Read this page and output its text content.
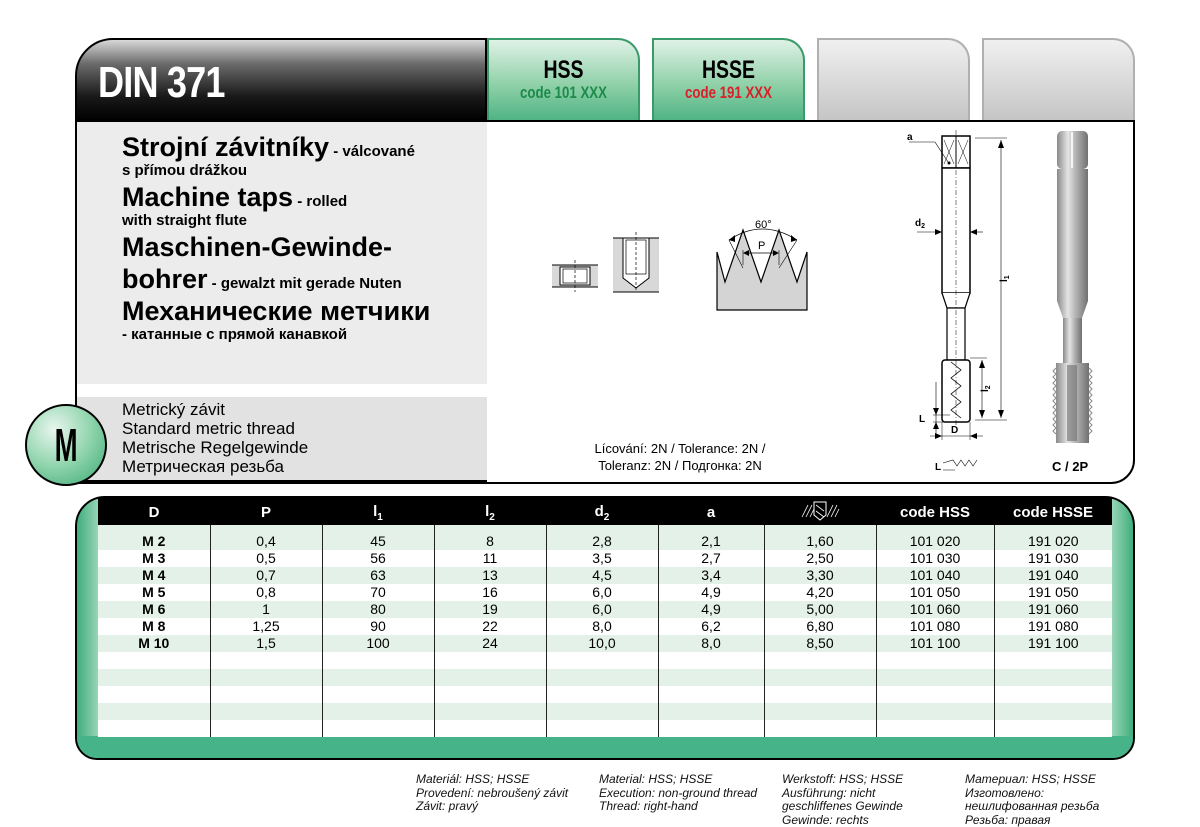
DIN 371	HSS
code 101 XXX
HSSE
code 191 XXX
Strojní závitníky - válcované
s přímou drážkou
Machine taps - rolled
with straight flute
Maschinen-Gewinde-
bohrer - gewalzt mit gerade Nuten
Механические метчики
- катанные с прямой канавкой
Metrický závit
Standard metric thread
Metrische Regelgewinde
Метрическая резьба
M
60°
P
a
$d_2$
$l_1$
$l_2$
L
D
L	C / 2P
Lícování: 2N / Tolerance: 2N /
Toleranz: 2N / Подгонка: 2N
D	P	$l_1$	$l_2$	$d_2$	a		code HSS	code HSSE

M 2	0,4	45	8	2,8	2,1	1,60	101 020	191 020
M 3	0,5	56	11	3,5	2,7	2,50	101 030	191 030
M 4	0,7	63	13	4,5	3,4	3,30	101 040	191 040
M 5	0,8	70	16	6,0	4,9	4,20	101 050	191 050
M 6	1	80	19	6,0	4,9	5,00	101 060	191 060
M 8	1,25	90	22	8,0	6,2	6,80	101 080	191 080
M 10	1,5	100	24	10,0	8,0	8,50	101 100	191 100

Materiál: HSS; HSSE
Provedení: nebroušený závit
Závit: pravý
Material: HSS; HSSE
Execution: non-ground thread
Thread: right-hand
Werkstoff: HSS; HSSE
Ausführung: nicht
geschliffenes Gewinde
Gewinde: rechts
Материал: HSS; HSSE
Изготовлено:
нешлифованная резьба
Резьба: правая
